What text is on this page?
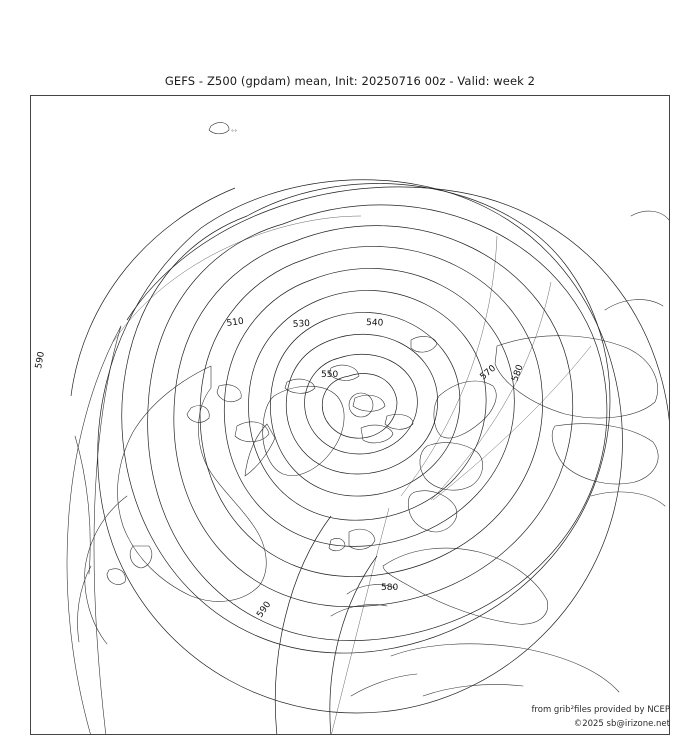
GEFS - Z500 (gpdam) mean, Init: 20250716 00z - Valid: week 2
510	530	540
550	570 580
590
580
590
∘∘
from grib²files provided by NCEP
©2025 sb@irizone.net
